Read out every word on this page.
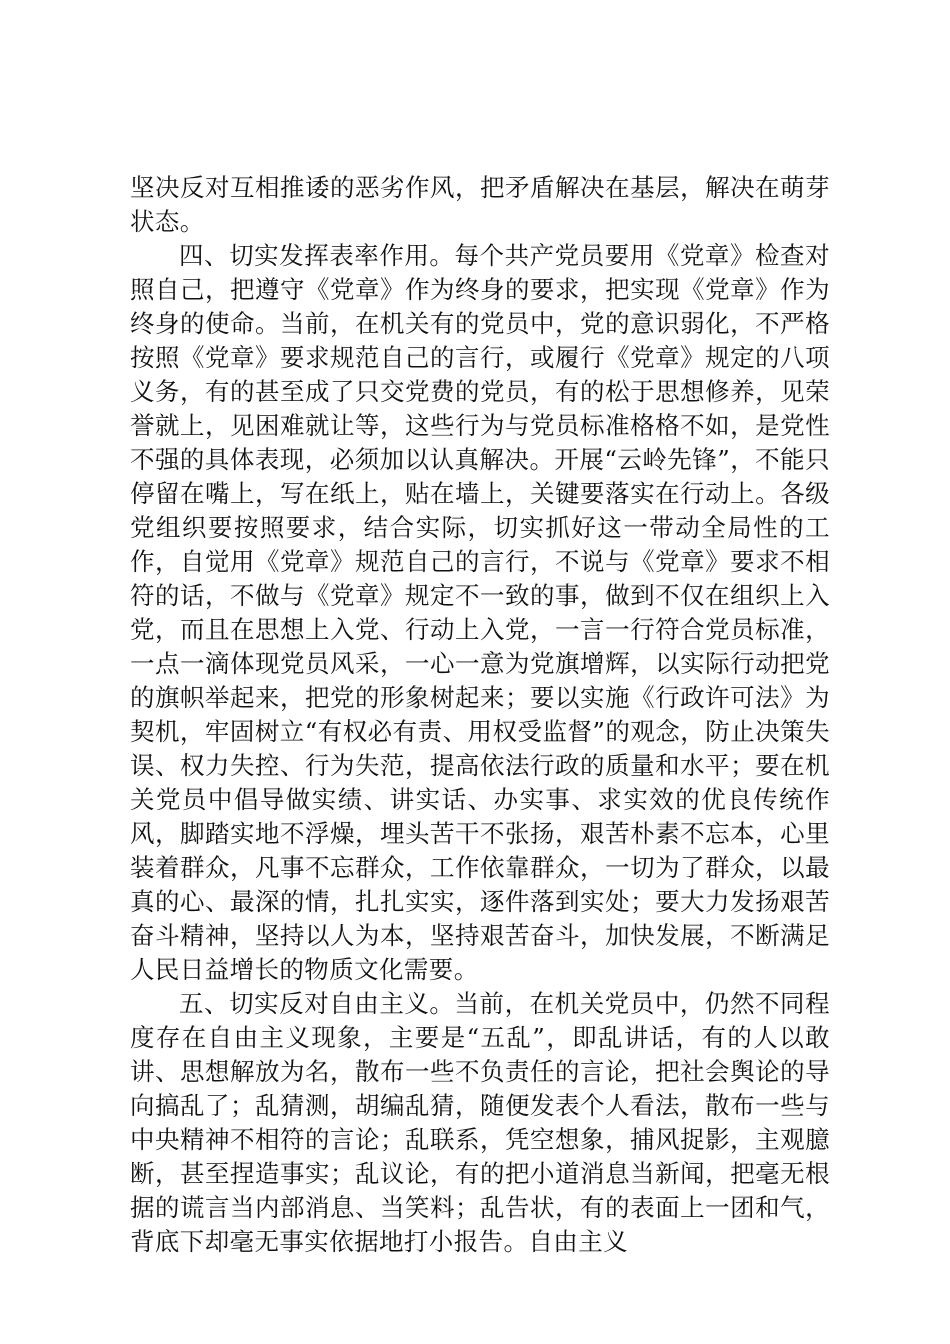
坚决反对互相推诿的恶劣作风，把矛盾解决在基层，解决在萌芽状态。

四、切实发挥表率作用。每个共产党员要用《党章》检查对照自己，把遵守《党章》作为终身的要求，把实现《党章》作为终身的使命。当前，在机关有的党员中，党的意识弱化，不严格按照《党章》要求规范自己的言行，或履行《党章》规定的八项义务，有的甚至成了只交党费的党员，有的松于思想修养，见荣誉就上，见困难就让等，这些行为与党员标准格格不如，是党性不强的具体表现，必须加以认真解决。开展“云岭先锋”，不能只停留在嘴上，写在纸上，贴在墙上，关键要落实在行动上。各级党组织要按照要求，结合实际，切实抓好这一带动全局性的工作，自觉用《党章》规范自己的言行，不说与《党章》要求不相符的话，不做与《党章》规定不一致的事，做到不仅在组织上入党，而且在思想上入党、行动上入党，一言一行符合党员标准，一点一滴体现党员风采，一心一意为党旗增辉，以实际行动把党的旗帜举起来，把党的形象树起来；要以实施《行政许可法》为契机，牢固树立“有权必有责、用权受监督”的观念，防止决策失误、权力失控、行为失范，提高依法行政的质量和水平；要在机关党员中倡导做实绩、讲实话、办实事、求实效的优良传统作风，脚踏实地不浮燥，埋头苦干不张扬，艰苦朴素不忘本，心里装着群众，凡事不忘群众，工作依靠群众，一切为了群众，以最真的心、最深的情，扎扎实实，逐件落到实处；要大力发扬艰苦奋斗精神，坚持以人为本，坚持艰苦奋斗，加快发展，不断满足人民日益增长的物质文化需要。

五、切实反对自由主义。当前，在机关党员中，仍然不同程度存在自由主义现象，主要是“五乱”，即乱讲话，有的人以敢讲、思想解放为名，散布一些不负责任的言论，把社会舆论的导向搞乱了；乱猜测，胡编乱猜，随便发表个人看法，散布一些与中央精神不相符的言论；乱联系，凭空想象，捕风捉影，主观臆断，甚至捏造事实；乱议论，有的把小道消息当新闻，把毫无根据的谎言当内部消息、当笑料；乱告状，有的表面上一团和气，背底下却毫无事实依据地打小报告。自由主义
